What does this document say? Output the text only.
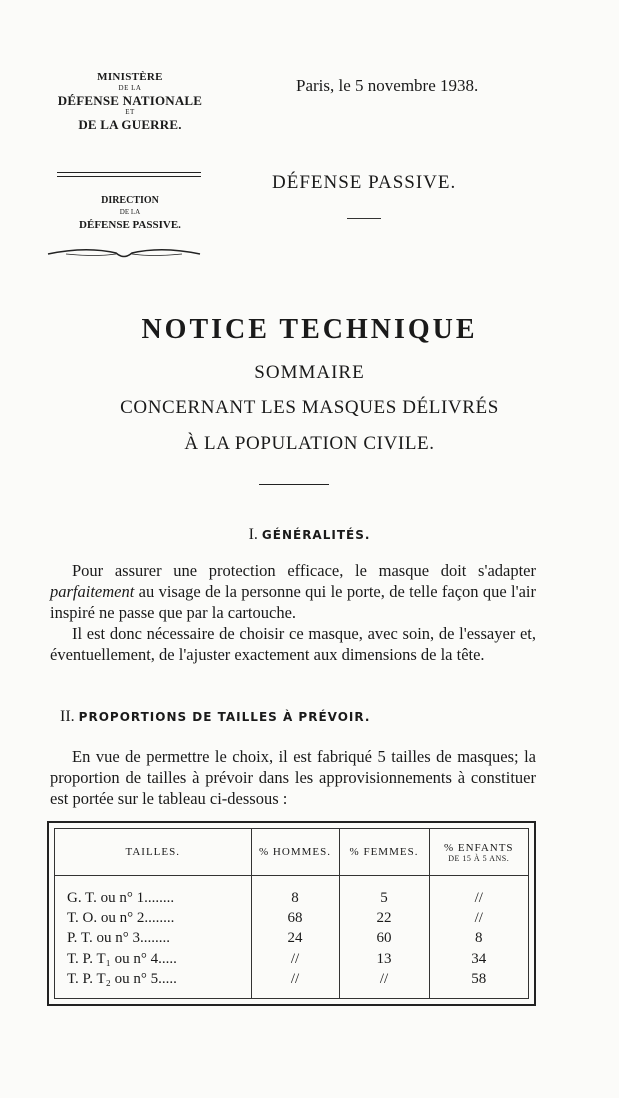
MINISTÈRE
DE LA
DÉFENSE NATIONALE
ET
DE LA GUERRE.
DIRECTION
DE LA
DÉFENSE PASSIVE.
Paris, le 5 novembre 1938.
DÉFENSE PASSIVE.
NOTICE TECHNIQUE
SOMMAIRE
CONCERNANT LES MASQUES DÉLIVRÉS
À LA POPULATION CIVILE.
I. GÉNÉRALITÉS.

Pour assurer une protection efficace, le masque doit s'adapter parfaitement au visage de la personne qui le porte, de telle façon que l'air inspiré ne passe que par la cartouche.

Il est donc nécessaire de choisir ce masque, avec soin, de l'essayer et, éventuellement, de l'ajuster exactement aux dimensions de la tête.

II. PROPORTIONS DE TAILLES À PRÉVOIR.

En vue de permettre le choix, il est fabriqué 5 tailles de masques; la proportion de tailles à prévoir dans les approvisionnements à constituer est portée sur le tableau ci-dessous :

TAILLES.	% HOMMES.	% FEMMES.	% ENFANTS
DE 15 À 5 ANS.

G. T. ou n° 1........	8	5	//
T. O. ou n° 2........	68	22	//
P. T. ou n° 3........	24	60	8
T. P. T₁ ou n° 4.....	//	13	34
T. P. T₂ ou n° 5.....	//	//	58
